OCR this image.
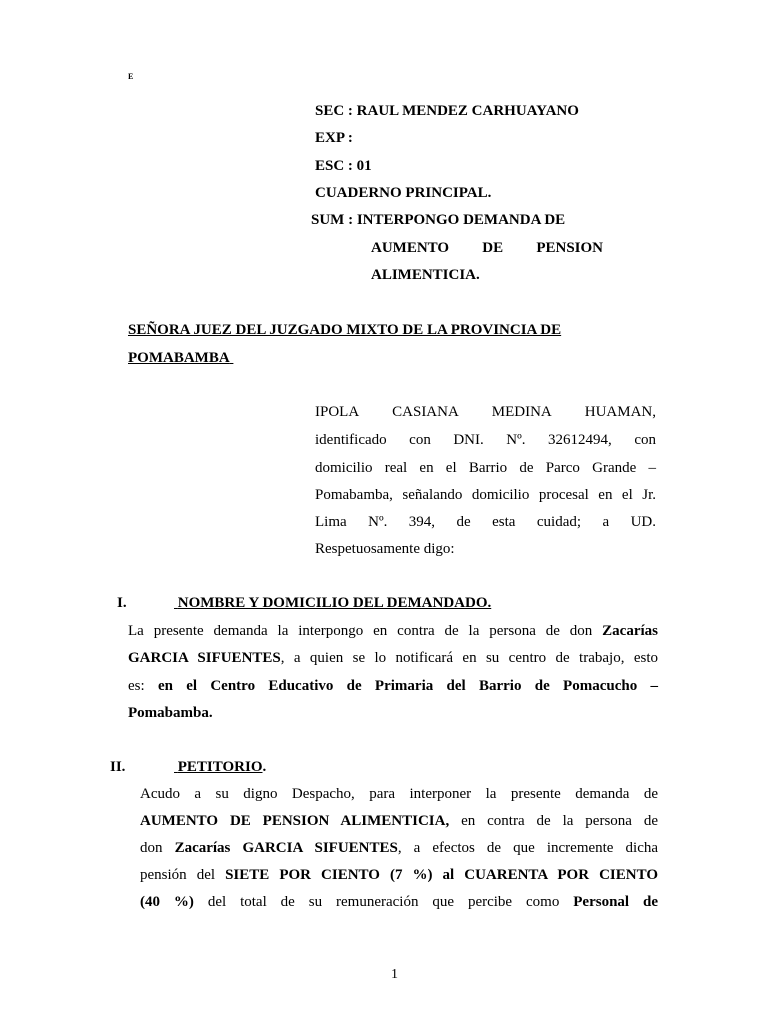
E
SEC : RAUL MENDEZ CARHUAYANO
EXP :
ESC : 01
CUADERNO PRINCIPAL.
SUM : INTERPONGO DEMANDA DE
AUMENTO DE PENSION
ALIMENTICIA.
SEÑORA JUEZ DEL JUZGADO MIXTO DE LA PROVINCIA DE
POMABAMBA
IPOLA CASIANA MEDINA HUAMAN,
identificado con DNI. Nº. 32612494, con
domicilio real en el Barrio de Parco Grande –
Pomabamba, señalando domicilio procesal en el Jr.
Lima Nº. 394, de esta cuidad; a UD.
Respetuosamente digo:
I.	NOMBRE Y DOMICILIO DEL DEMANDADO.
La presente demanda la interpongo en contra de la persona de don Zacarías
GARCIA SIFUENTES, a quien se lo notificará en su centro de trabajo, esto
es: en el Centro Educativo de Primaria del Barrio de Pomacucho –
Pomabamba.
II.	PETITORIO.
Acudo a su digno Despacho, para interponer la presente demanda de
AUMENTO DE PENSION ALIMENTICIA, en contra de la persona de
don Zacarías GARCIA SIFUENTES, a efectos de que incremente dicha
pensión del SIETE POR CIENTO (7 %) al CUARENTA POR CIENTO
(40 %) del total de su remuneración que percibe como Personal de
1
